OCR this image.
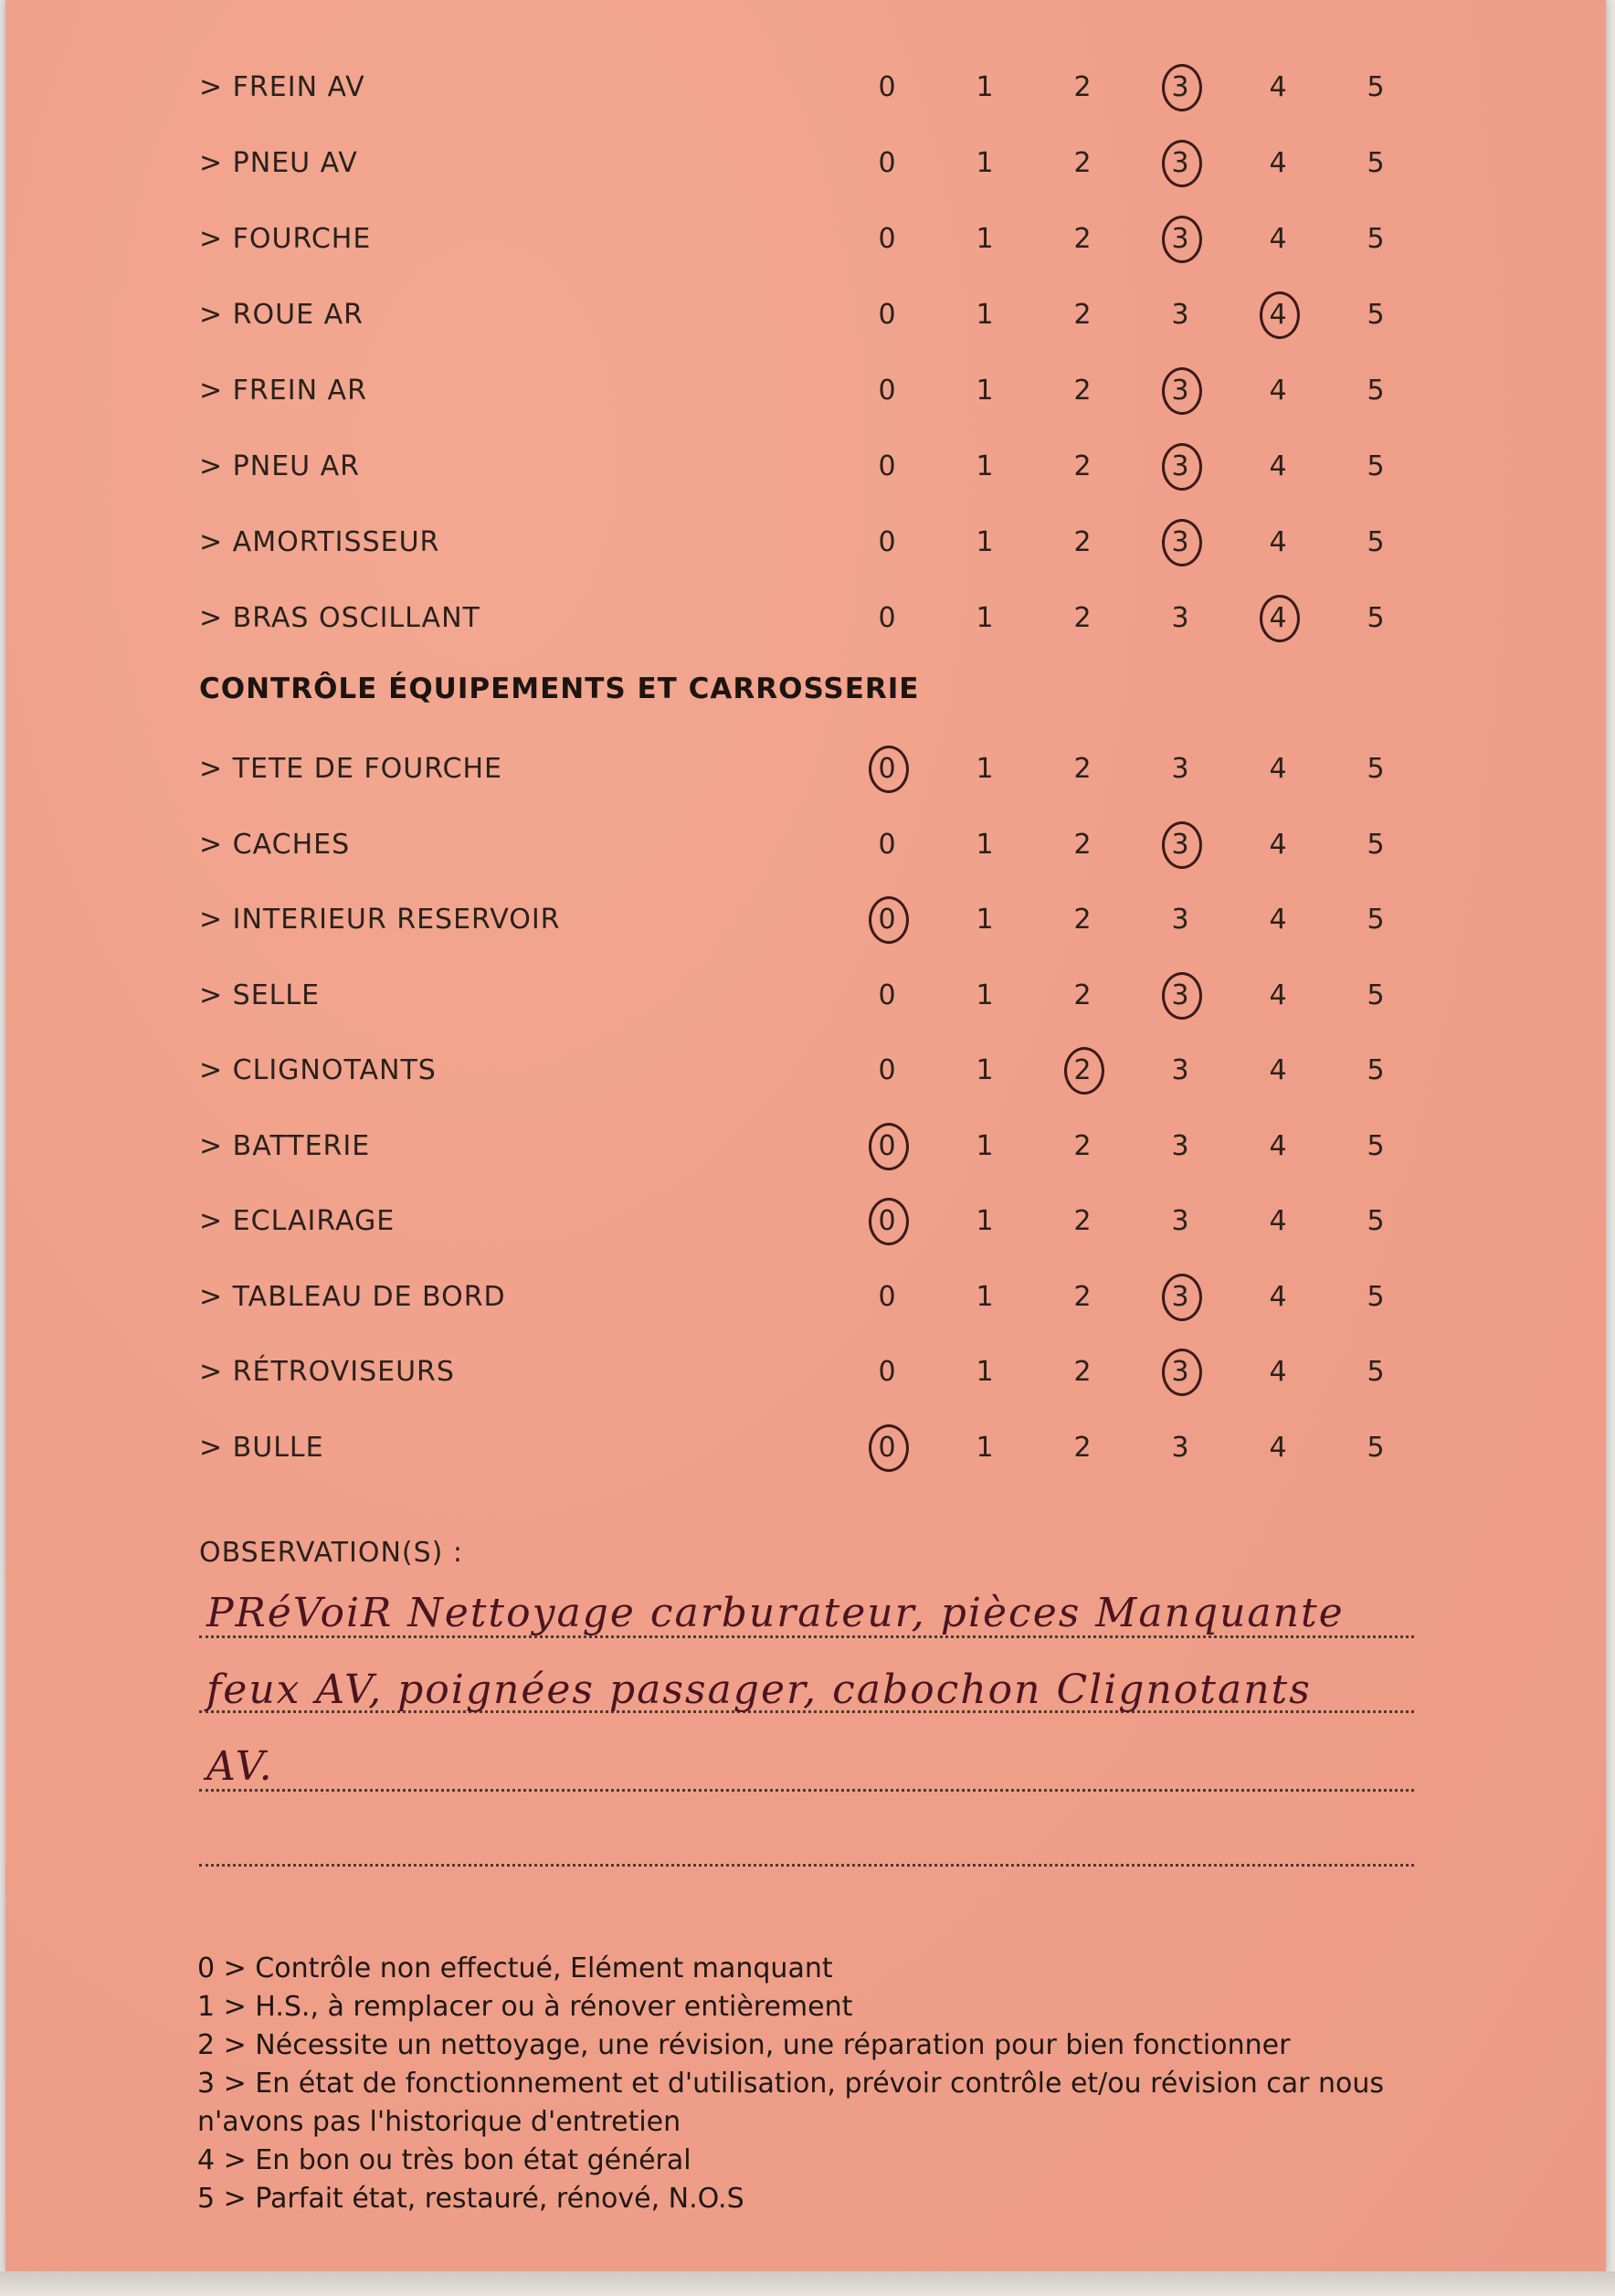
> FREIN AV	0	1	2	3	4	5
> PNEU AV	0	1	2	3	4	5
> FOURCHE	0	1	2	3	4	5
> ROUE AR	0	1	2	3	4	5
> FREIN AR	0	1	2	3	4	5
> PNEU AR	0	1	2	3	4	5
> AMORTISSEUR	0	1	2	3	4	5
> BRAS OSCILLANT	0	1	2	3	4	5
CONTRÔLE ÉQUIPEMENTS ET CARROSSERIE
> TETE DE FOURCHE	0	1	2	3	4	5
> CACHES	0	1	2	3	4	5
> INTERIEUR RESERVOIR	0	1	2	3	4	5
> SELLE	0	1	2	3	4	5
> CLIGNOTANTS	0	1	2	3	4	5
> BATTERIE	0	1	2	3	4	5
> ECLAIRAGE	0	1	2	3	4	5
> TABLEAU DE BORD	0	1	2	3	4	5
> RÉTROVISEURS	0	1	2	3	4	5
> BULLE	0	1	2	3	4	5
OBSERVATION(S) :
PRéVoiR Nettoyage carburateur, pièces Manquante
feux AV, poignées passager, cabochon Clignotants
AV.
0 > Contrôle non effectué, Elément manquant
1 > H.S., à remplacer ou à rénover entièrement
2 > Nécessite un nettoyage, une révision, une réparation pour bien fonctionner
3 > En état de fonctionnement et d'utilisation, prévoir contrôle et/ou révision car nous n'avons pas l'historique d'entretien
4 > En bon ou très bon état général
5 > Parfait état, restauré, rénové, N.O.S
